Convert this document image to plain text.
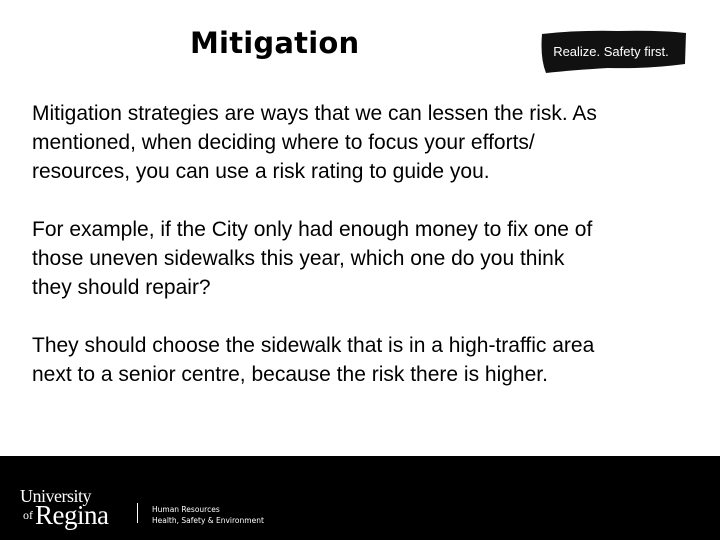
Mitigation	Realize. Safety first.

Mitigation strategies are ways that we can lessen the risk. As
mentioned, when deciding where to focus your efforts/
resources, you can use a risk rating to guide you.

For example, if the City only had enough money to fix one of
those uneven sidewalks this year, which one do you think
they should repair?

They should choose the sidewalk that is in a high-traffic area
next to a senior centre, because the risk there is higher.

University
of Regina	Human Resources
Health, Safety & Environment
